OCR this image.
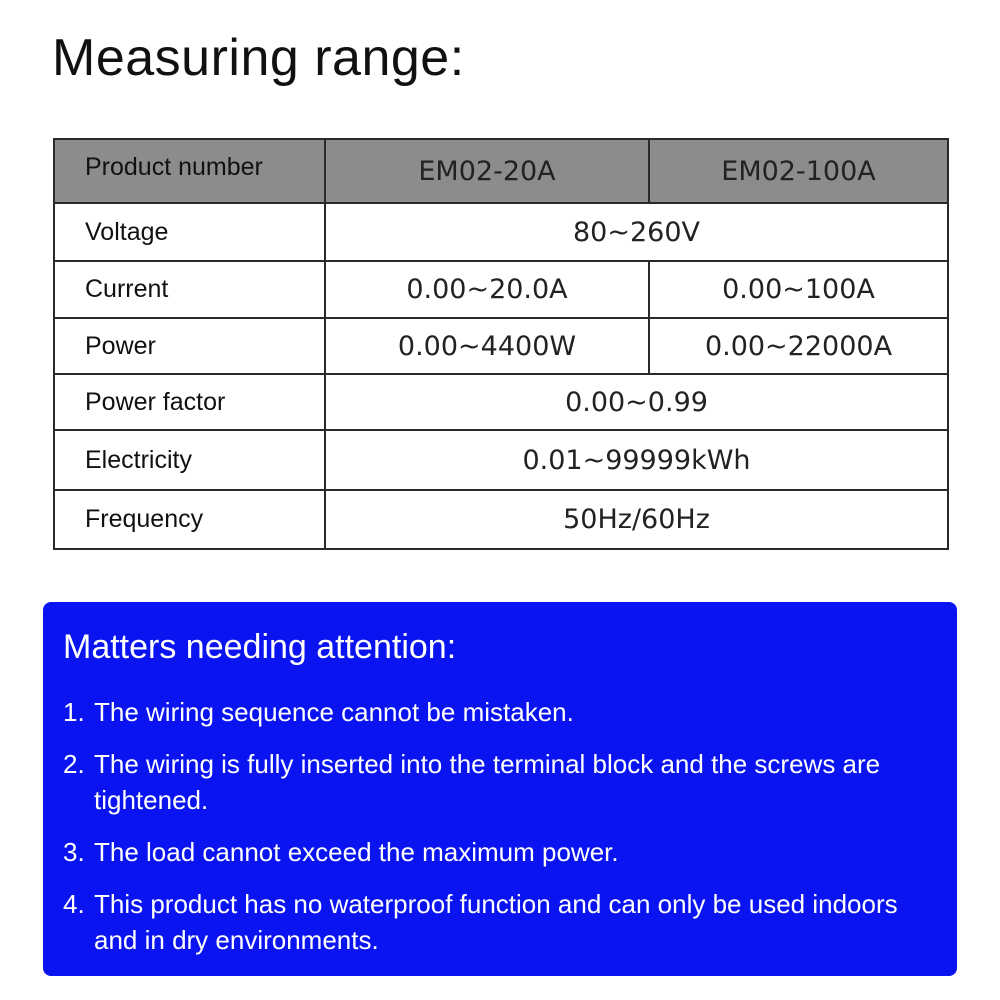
Measuring range:
Product number	EM02-20A	EM02-100A
Voltage	80~260V	
Current	0.00~20.0A	0.00~100A
Power	0.00~4400W	0.00~22000A
Power factor	0.00~0.99	
Electricity	0.01~99999kWh	
Frequency	50Hz/60Hz	
Matters needing attention:
1. The wiring sequence cannot be mistaken.
2. The wiring is fully inserted into the terminal block and the screws are tightened.
3. The load cannot exceed the maximum power.
4. This product has no waterproof function and can only be used indoors and in dry environments.
